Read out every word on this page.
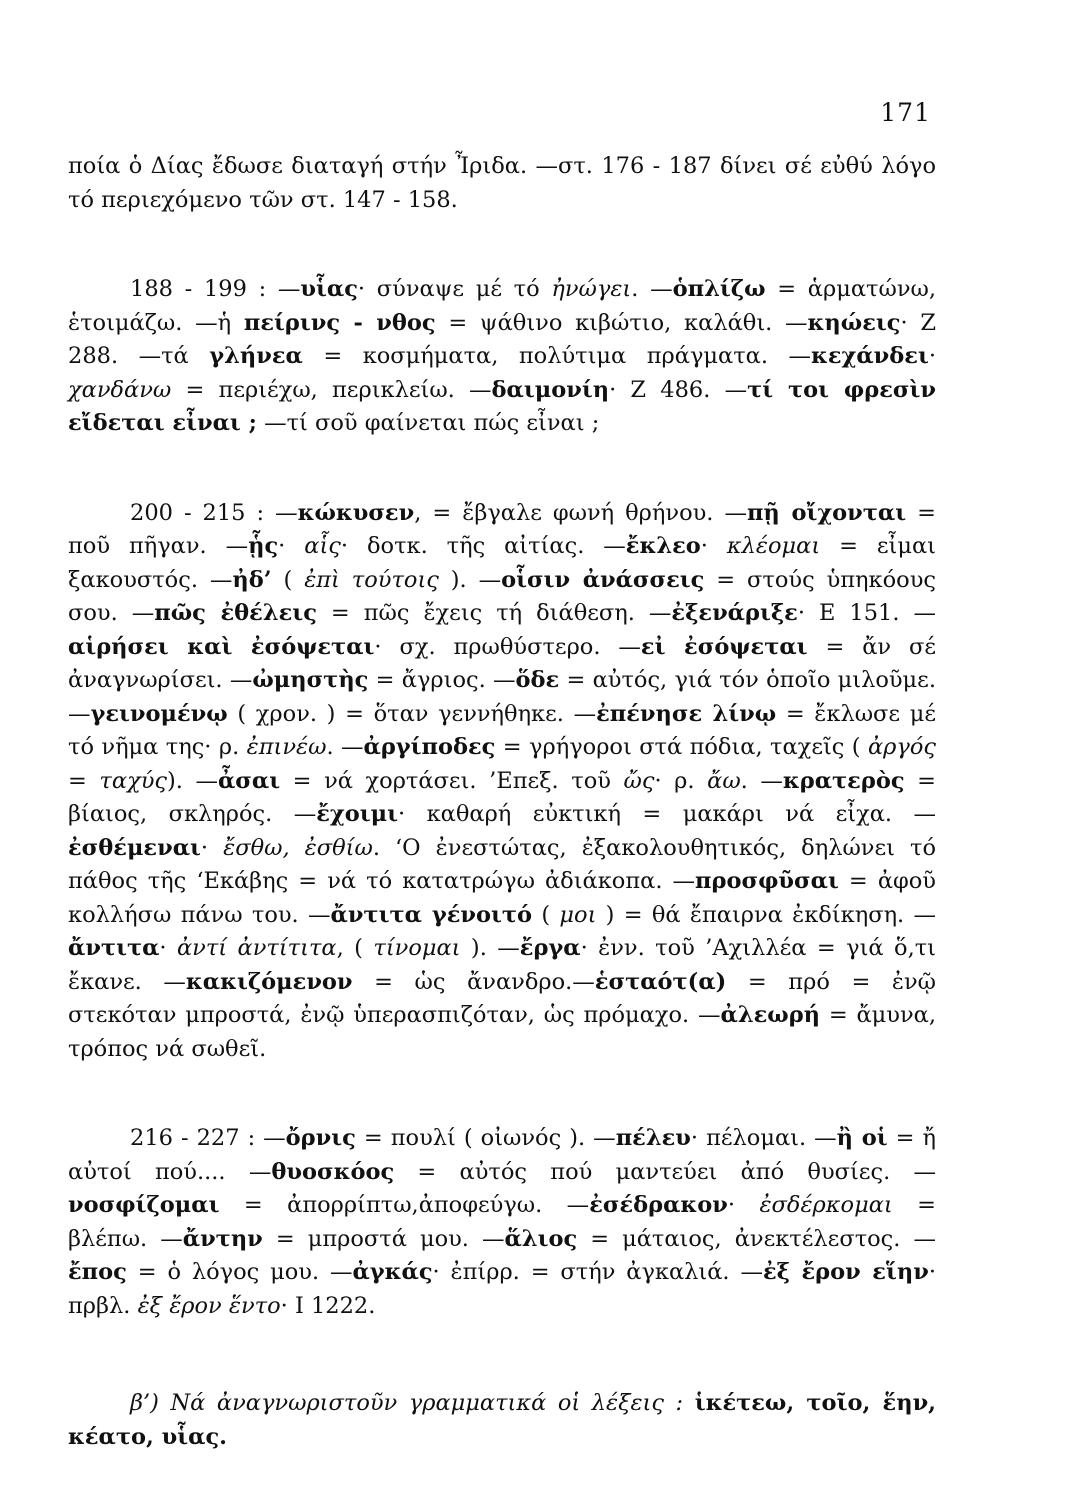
171
ποία ὁ Δίας ἔδωσε διαταγή στήν Ἶριδα. —στ. 176 - 187 δίνει σέ εὐθύ λόγο τό περιεχόμενο τῶν στ. 147 - 158.
188 - 199 : —υἷας· σύναψε μέ τό ἠνώγει. —ὁπλίζω = ἁρματώνω, ἑτοιμάζω. —ἡ πείρινς - νθος = ψάθινο κιβώτιο, καλάθι. —κηώεις· Ζ 288. —τά γλήνεα = κοσμήματα, πολύτιμα πράγματα. —κεχάνδει· χανδάνω = περιέχω, περικλείω. —δαιμονίη· Ζ 486. —τί τοι φρεσὶν εἴδεται εἶναι ; —τί σοῦ φαίνεται πώς εἶναι ;
200 - 215 : —κώκυσεν, = ἔβγαλε φωνή θρήνου. —πῇ οἴχονται = ποῦ πῆγαν. —ᾗς· αἷς· δοτκ. τῆς αἰτίας. —ἔκλεο· κλέομαι = εἶμαι ξακουστός. —ἠδ’ ( ἐπὶ τούτοις ). —οἷσιν ἀνάσσεις = στούς ὑπηκόους σου. —πῶς ἐθέλεις = πῶς ἔχεις τή διάθεση. —ἐξενάριξε· Ε 151. —αἱρήσει καὶ ἐσόψεται· σχ. πρωθύστερο. —εἰ ἐσόψεται = ἄν σέ ἀναγνωρίσει. —ὠμηστὴς = ἄγριος. —ὅδε = αὐτός, γιά τόν ὁποῖο μιλοῦμε. —γεινομένῳ ( χρον. ) = ὅταν γεννήθηκε. —ἐπένησε λίνῳ = ἔκλωσε μέ τό νῆμα της· ρ. ἐπινέω. —ἀργίποδες = γρήγοροι στά πόδια, ταχεῖς ( ἀργός = ταχύς). —ἆσαι = νά χορτάσει. ’Επεξ. τοῦ ὤς· ρ. ἄω. —κρατερὸς = βίαιος, σκληρός. —ἔχοιμι· καθαρή εὐκτική = μακάρι νά εἶχα. —ἐσθέμεναι· ἔσθω, ἐσθίω. ‘Ο ἐνεστώτας, ἐξακολουθητικός, δηλώνει τό πάθος τῆς ‘Εκάβης = νά τό κατατρώγω ἀδιάκοπα. —προσφῦσαι = ἀφοῦ κολλήσω πάνω του. —ἄντιτα γένοιτό ( μοι ) = θά ἔπαιρνα ἐκδίκηση. —ἄντιτα· ἀντί ἀντίτιτα, ( τίνομαι ). —ἔργα· ἐνν. τοῦ ’Αχιλλέα = γιά ὅ,τι ἔκανε. —κακιζόμενον = ὡς ἄνανδρο.—ἑσταότ(α) = πρό = ἐνῷ στεκόταν μπροστά, ἐνῷ ὑπερασπιζόταν, ὡς πρόμαχο. —ἀλεωρή = ἄμυνα, τρόπος νά σωθεῖ.
216 - 227 : —ὄρνις = πουλί ( οἰωνός ). —πέλευ· πέλομαι. —ἢ οἱ = ἤ αὐτοί πού.... —θυοσκόος = αὐτός πού μαντεύει ἀπό θυσίες. —νοσφίζομαι = ἀπορρίπτω,ἀποφεύγω. —ἐσέδρακον· ἐσδέρκομαι = βλέπω. —ἄντην = μπροστά μου. —ἅλιος = μάταιος, ἀνεκτέλεστος. —ἔπος = ὁ λόγος μου. —ἀγκάς· ἐπίρρ. = στήν ἀγκαλιά. —ἐξ ἔρον εἵην· πρβλ. ἐξ ἔρον ἕντο· Ι 1222.
β’) Νά ἀναγνωριστοῦν γραμματικά οἱ λέξεις : ἱκέτεω, τοῖο, ἕην, κέατο, υἷας.
